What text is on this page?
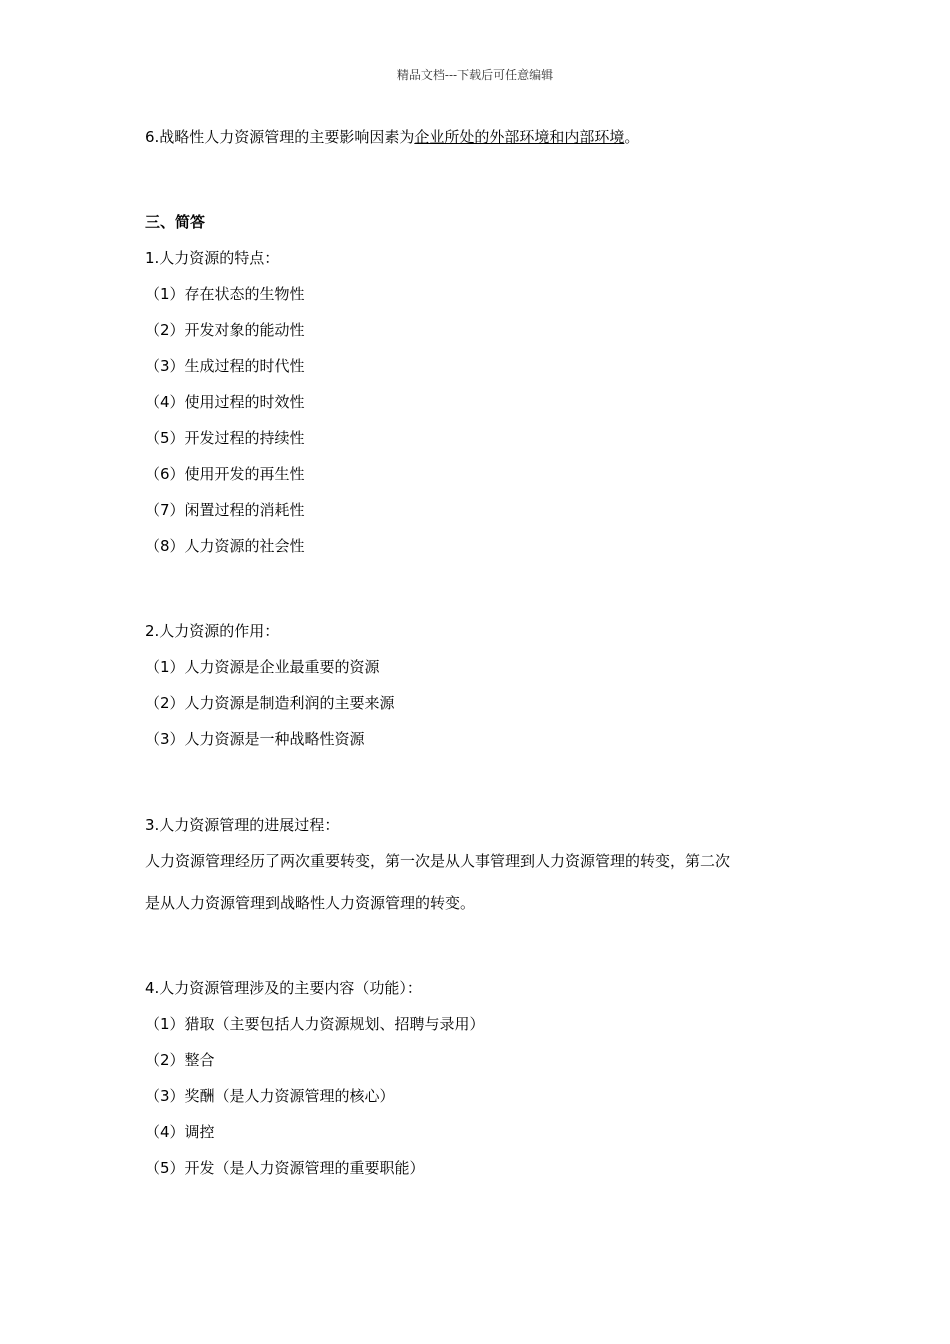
精品文档---下载后可任意编辑
6.战略性人力资源管理的主要影响因素为企业所处的外部环境和内部环境。
三、简答
1.人力资源的特点：
（1）存在状态的生物性
（2）开发对象的能动性
（3）生成过程的时代性
（4）使用过程的时效性
（5）开发过程的持续性
（6）使用开发的再生性
（7）闲置过程的消耗性
（8）人力资源的社会性
2.人力资源的作用：
（1）人力资源是企业最重要的资源
（2）人力资源是制造利润的主要来源
（3）人力资源是一种战略性资源
3.人力资源管理的进展过程：
人力资源管理经历了两次重要转变，第一次是从人事管理到人力资源管理的转变，第二次
是从人力资源管理到战略性人力资源管理的转变。
4.人力资源管理涉及的主要内容（功能）：
（1）猎取（主要包括人力资源规划、招聘与录用）
（2）整合
（3）奖酬（是人力资源管理的核心）
（4）调控
（5）开发（是人力资源管理的重要职能）
